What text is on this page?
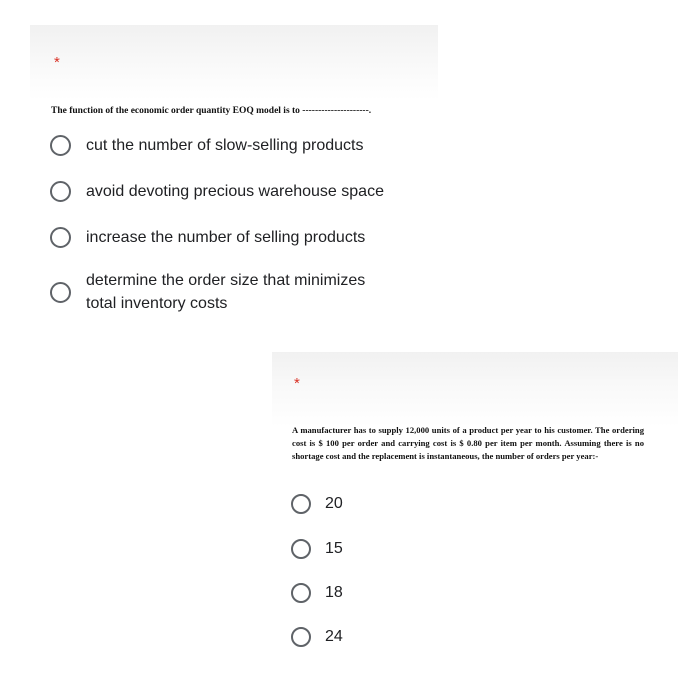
*
The function of the economic order quantity EOQ model is to ---------------------.
cut the number of slow-selling products
avoid devoting precious warehouse space
increase the number of selling products
determine the order size that minimizes total inventory costs
*
A manufacturer has to supply 12,000 units of a product per year to his customer. The ordering cost is $ 100 per order and carrying cost is $ 0.80 per item per month. Assuming there is no shortage cost and the replacement is instantaneous, the number of orders per year:-
20
15
18
24
